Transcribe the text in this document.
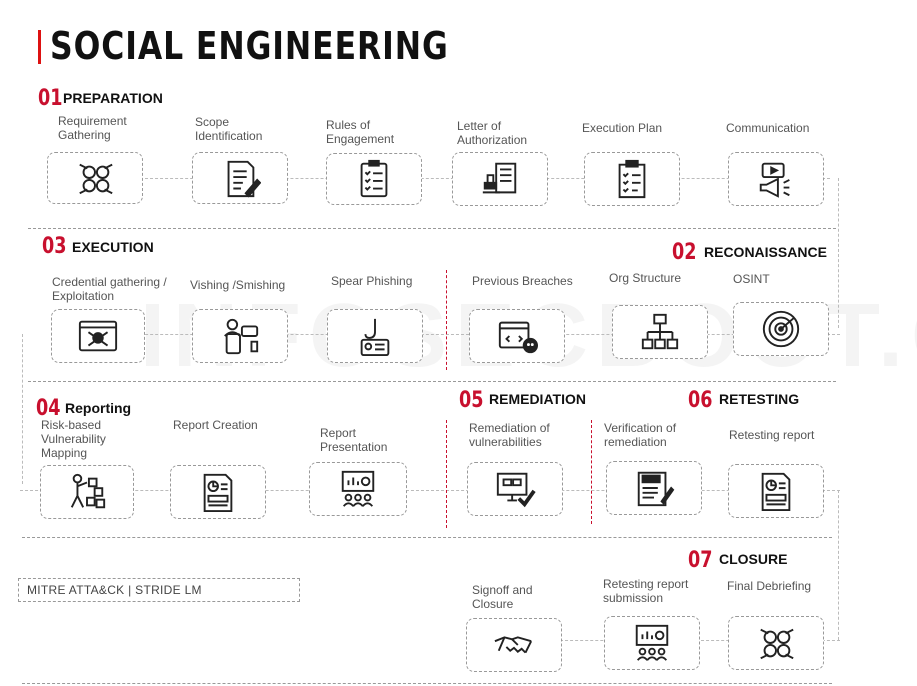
SOCIAL ENGINEERING
01 PREPARATION
Requirement Gathering
Scope Identification
Rules of Engagement
Letter of Authorization
Execution Plan	Communication
03 EXECUTION	02 RECONAISSANCE
Credential gathering / Exploitation
Vishing /Smishing	Spear Phishing	Previous Breaches	Org Structure	OSINT
04 Reporting	05 REMEDIATION	06 RETESTING
Risk-based Vulnerability Mapping
Report Creation
Report Presentation
Remediation of vulnerabilities
Verification of remediation	Retesting report
07 CLOSURE
MITRE ATTA&CK | STRIDE LM	Signoff and Closure
Retesting report submission
Final Debriefing
